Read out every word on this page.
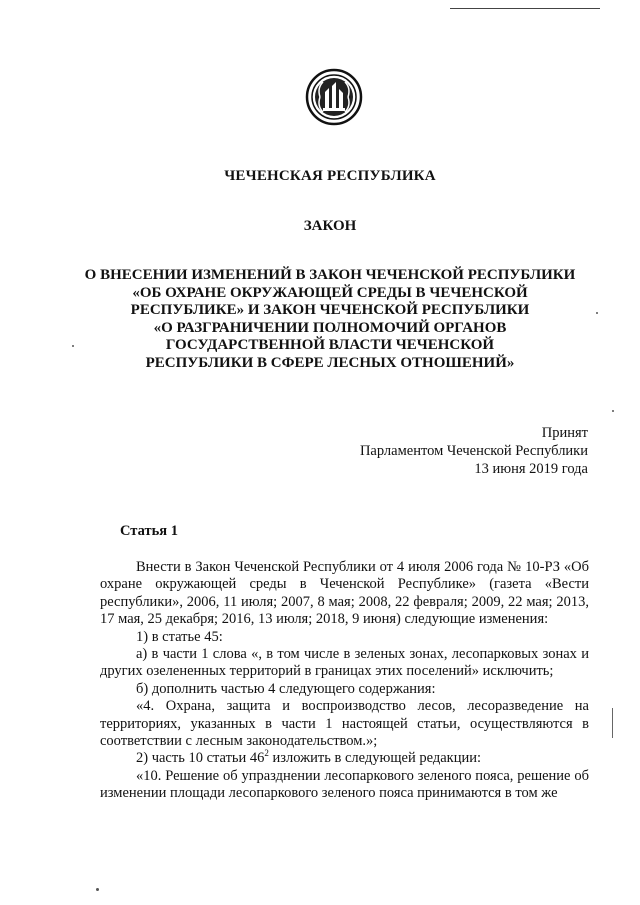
ЧЕЧЕНСКАЯ РЕСПУБЛИКА
ЗАКОН
О ВНЕСЕНИИ ИЗМЕНЕНИЙ В ЗАКОН ЧЕЧЕНСКОЙ РЕСПУБЛИКИ
«ОБ ОХРАНЕ ОКРУЖАЮЩЕЙ СРЕДЫ В ЧЕЧЕНСКОЙ
РЕСПУБЛИКЕ» И ЗАКОН ЧЕЧЕНСКОЙ РЕСПУБЛИКИ
«О РАЗГРАНИЧЕНИИ ПОЛНОМОЧИЙ ОРГАНОВ
ГОСУДАРСТВЕННОЙ ВЛАСТИ ЧЕЧЕНСКОЙ
РЕСПУБЛИКИ В СФЕРЕ ЛЕСНЫХ ОТНОШЕНИЙ»
Принят
Парламентом Чеченской Республики
13 июня 2019 года
Статья 1

Внести в Закон Чеченской Республики от 4 июля 2006 года № 10-РЗ «Об охране окружающей среды в Чеченской Республике» (газета «Вести республики», 2006, 11 июля; 2007, 8 мая; 2008, 22 февраля; 2009, 22 мая; 2013, 17 мая, 25 декабря; 2016, 13 июля; 2018, 9 июня) следующие изменения:

1) в статье 45:

а) в части 1 слова «, в том числе в зеленых зонах, лесопарковых зонах и других озелененных территорий в границах этих поселений» исключить;

б) дополнить частью 4 следующего содержания:

«4. Охрана, защита и воспроизводство лесов, лесоразведение на территориях, указанных в части 1 настоящей статьи, осуществляются в соответствии с лесным законодательством.»;

2) часть 10 статьи $46^2$ изложить в следующей редакции:

«10. Решение об упразднении лесопаркового зеленого пояса, решение об изменении площади лесопаркового зеленого пояса принимаются в том же
